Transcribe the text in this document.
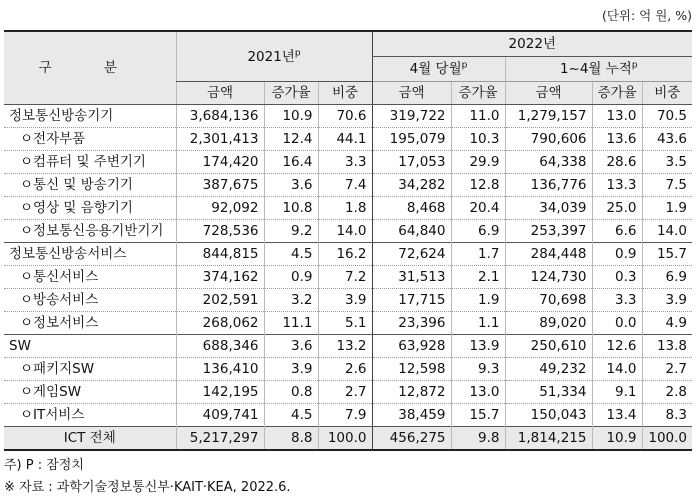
(단위: 억 원, %)
구 분	2021년$^p$			2022년				
				4월 당월$^p$		1~4월 누적$^p$
	금액	증가율	비중	금액	증가율	금액	증가율	비중
정보통신방송기기	3,684,136	10.9	70.6	319,722	11.0	1,279,157	13.0	70.5
ㅇ전자부품	2,301,413	12.4	44.1	195,079	10.3	790,606	13.6	43.6
ㅇ컴퓨터 및 주변기기	174,420	16.4	3.3	17,053	29.9	64,338	28.6	3.5
ㅇ통신 및 방송기기	387,675	3.6	7.4	34,282	12.8	136,776	13.3	7.5
ㅇ영상 및 음향기기	92,092	10.8	1.8	8,468	20.4	34,039	25.0	1.9
ㅇ정보통신응용기반기기	728,536	9.2	14.0	64,840	6.9	253,397	6.6	14.0
정보통신방송서비스	844,815	4.5	16.2	72,624	1.7	284,448	0.9	15.7
ㅇ통신서비스	374,162	0.9	7.2	31,513	2.1	124,730	0.3	6.9
ㅇ방송서비스	202,591	3.2	3.9	17,715	1.9	70,698	3.3	3.9
ㅇ정보서비스	268,062	11.1	5.1	23,396	1.1	89,020	0.0	4.9
SW	688,346	3.6	13.2	63,928	13.9	250,610	12.6	13.8
ㅇ패키지SW	136,410	3.9	2.6	12,598	9.3	49,232	14.0	2.7
ㅇ게임SW	142,195	0.8	2.7	12,872	13.0	51,334	9.1	2.8
ㅇIT서비스	409,741	4.5	7.9	38,459	15.7	150,043	13.4	8.3
ICT 전체	5,217,297	8.8	100.0	456,275	9.8	1,814,215	10.9	100.0
주) P : 잠정치
※ 자료 : 과학기술정보통신부·KAIT·KEA, 2022.6.
